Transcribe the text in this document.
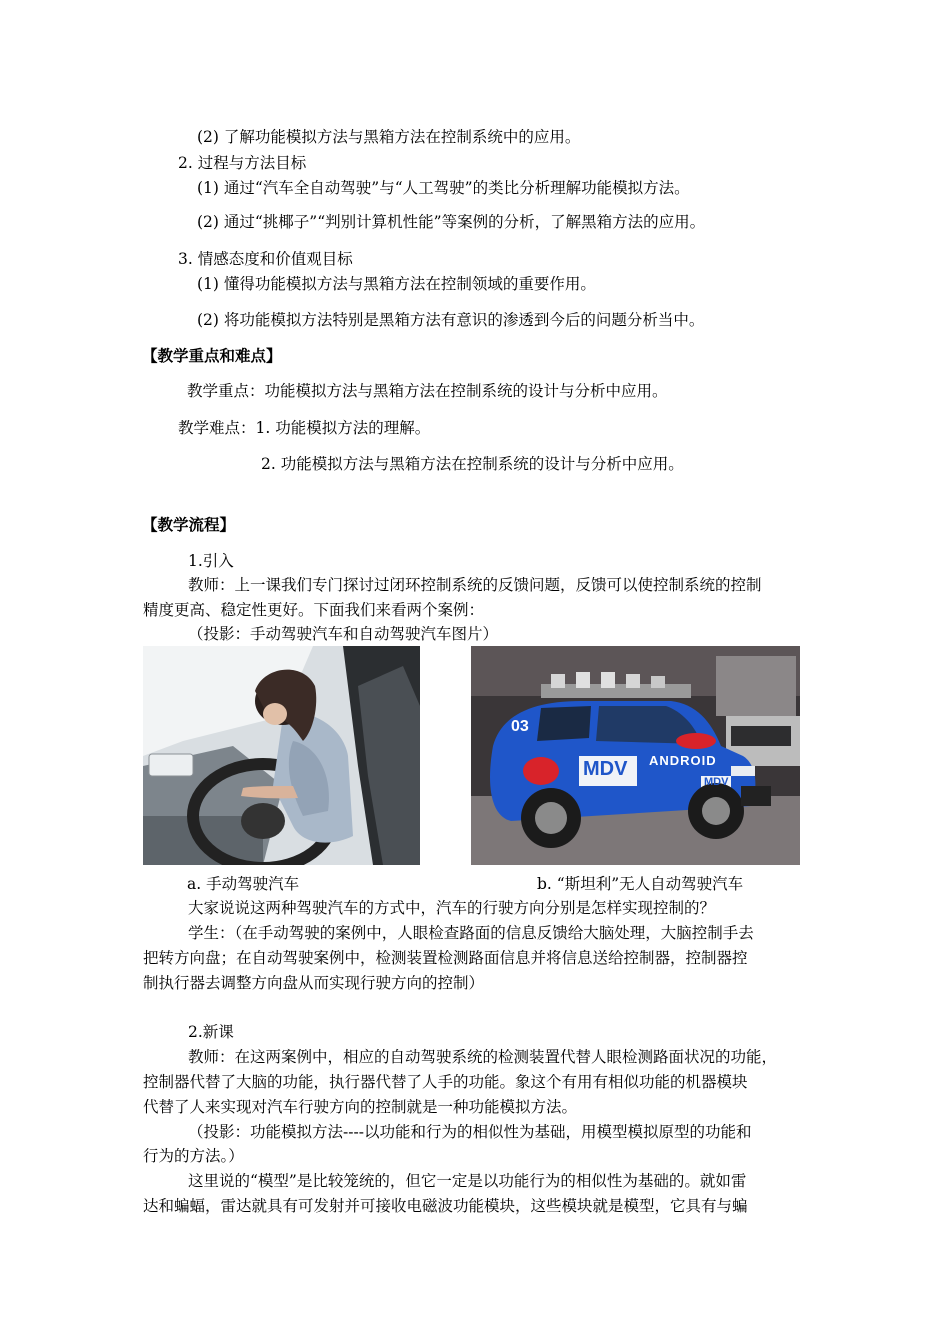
(2) 了解功能模拟方法与黑箱方法在控制系统中的应用。
2. 过程与方法目标
(1) 通过“汽车全自动驾驶”与“人工驾驶”的类比分析理解功能模拟方法。
(2) 通过“挑椰子”“判别计算机性能”等案例的分析，了解黑箱方法的应用。
3. 情感态度和价值观目标
(1) 懂得功能模拟方法与黑箱方法在控制领域的重要作用。
(2) 将功能模拟方法特别是黑箱方法有意识的渗透到今后的问题分析当中。
【教学重点和难点】
教学重点：功能模拟方法与黑箱方法在控制系统的设计与分析中应用。
教学难点：1. 功能模拟方法的理解。
2. 功能模拟方法与黑箱方法在控制系统的设计与分析中应用。
【教学流程】
1.引入
教师：上一课我们专门探讨过闭环控制系统的反馈问题，反馈可以使控制系统的控制
精度更高、稳定性更好。下面我们来看两个案例：
（投影：手动驾驶汽车和自动驾驶汽车图片）
03
MDV ANDROID
MDV
a. 手动驾驶汽车	b. “斯坦利”无人自动驾驶汽车
大家说说这两种驾驶汽车的方式中，汽车的行驶方向分别是怎样实现控制的？
学生：（在手动驾驶的案例中，人眼检查路面的信息反馈给大脑处理，大脑控制手去
把转方向盘；在自动驾驶案例中，检测装置检测路面信息并将信息送给控制器，控制器控
制执行器去调整方向盘从而实现行驶方向的控制）
2.新课
教师：在这两案例中，相应的自动驾驶系统的检测装置代替人眼检测路面状况的功能，
控制器代替了大脑的功能，执行器代替了人手的功能。象这个有用有相似功能的机器模块
代替了人来实现对汽车行驶方向的控制就是一种功能模拟方法。
（投影：功能模拟方法----以功能和行为的相似性为基础，用模型模拟原型的功能和
行为的方法。）
这里说的“模型”是比较笼统的，但它一定是以功能行为的相似性为基础的。就如雷
达和蝙蝠，雷达就具有可发射并可接收电磁波功能模块，这些模块就是模型，它具有与蝙
